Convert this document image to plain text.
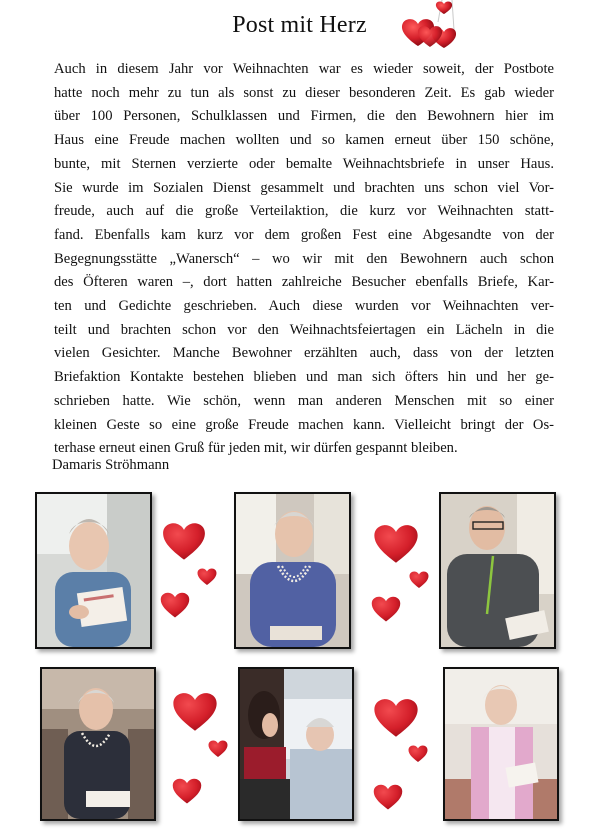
Post mit Herz
Auch in diesem Jahr vor Weihnachten war es wieder soweit, der Postbote
hatte noch mehr zu tun als sonst zu dieser besonderen Zeit. Es gab wieder
über 100 Personen, Schulklassen und Firmen, die den Bewohnern hier im
Haus eine Freude machen wollten und so kamen erneut über 150 schöne,
bunte, mit Sternen verzierte oder bemalte Weihnachtsbriefe in unser Haus.
Sie wurde im Sozialen Dienst gesammelt und brachten uns schon viel Vor-
freude, auch auf die große Verteilaktion, die kurz vor Weihnachten statt-
fand. Ebenfalls kam kurz vor dem großen Fest eine Abgesandte von der
Begegnungsstätte „Wanersch“ – wo wir mit den Bewohnern auch schon
des Öfteren waren –, dort hatten zahlreiche Besucher ebenfalls Briefe, Kar-
ten und Gedichte geschrieben. Auch diese wurden vor Weihnachten ver-
teilt und brachten schon vor den Weihnachtsfeiertagen ein Lächeln in die
vielen Gesichter. Manche Bewohner erzählten auch, dass von der letzten
Briefaktion Kontakte bestehen blieben und man sich öfters hin und her ge-
schrieben hatte. Wie schön, wenn man anderen Menschen mit so einer
kleinen Geste so eine große Freude machen kann. Vielleicht bringt der Os-
terhase erneut einen Gruß für jeden mit, wir dürfen gespannt bleiben.
Damaris Ströhmann
